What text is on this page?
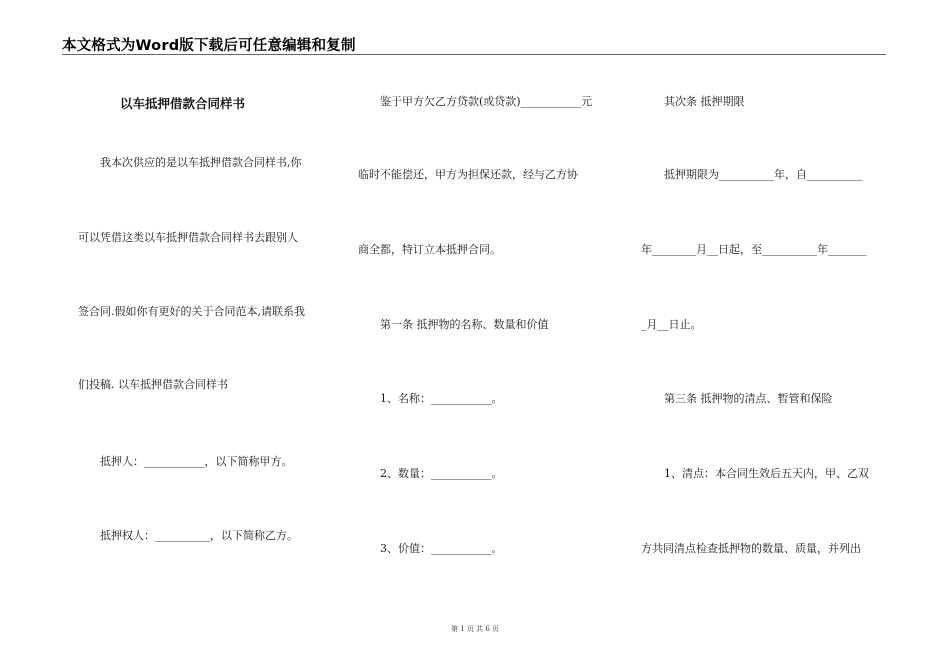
本文格式为Word版下载后可任意编辑和复制
以车抵押借款合同样书
我本次供应的是以车抵押借款合同样书,你
可以凭借这类以车抵押借款合同样书去跟别人
签合同.假如你有更好的关于合同范本,请联系我
们投稿. 以车抵押借款合同样书
抵押人：___________，以下简称甲方。
抵押权人：__________，以下简称乙方。
鉴于甲方欠乙方贷款(或贷款)___________元
临时不能偿还，甲方为担保还款，经与乙方协
商全都，特订立本抵押合同。
第一条 抵押物的名称、数量和价值
1、名称：___________。
2、数量：___________。
3、价值：___________。
其次条 抵押期限
抵押期限为__________年，自__________
年________月__日起，至__________年_______
_月__日止。
第三条 抵押物的清点、暂管和保险
1、清点：本合同生效后五天内，甲、乙双
方共同清点检查抵押物的数量、质量，并列出
第 1 页 共 6 页
